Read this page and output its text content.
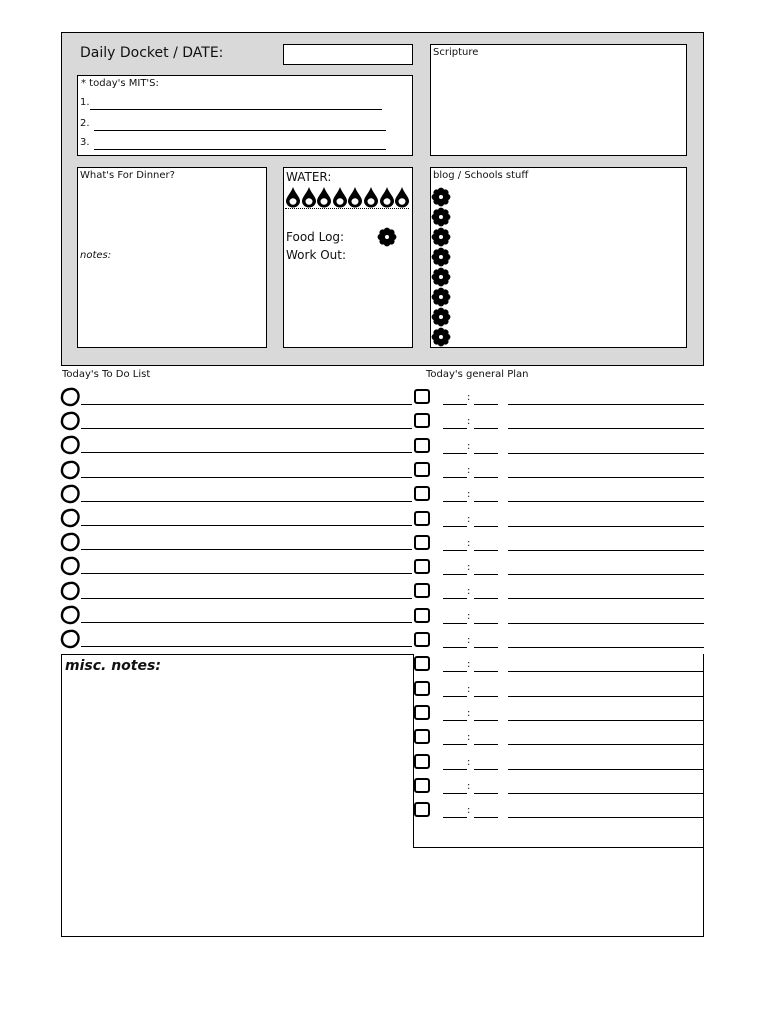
Daily Docket / DATE:
* today's MIT'S:
1.
2.
3.
Scripture
What's For Dinner?
notes:
WATER:
Food Log:
Work Out:
blog / Schools stuff
Today's To Do List	Today's general Plan
:
:
:
:
:
:
:
:
:
:
:
:
:
:
:
:
:
:
misc. notes:
